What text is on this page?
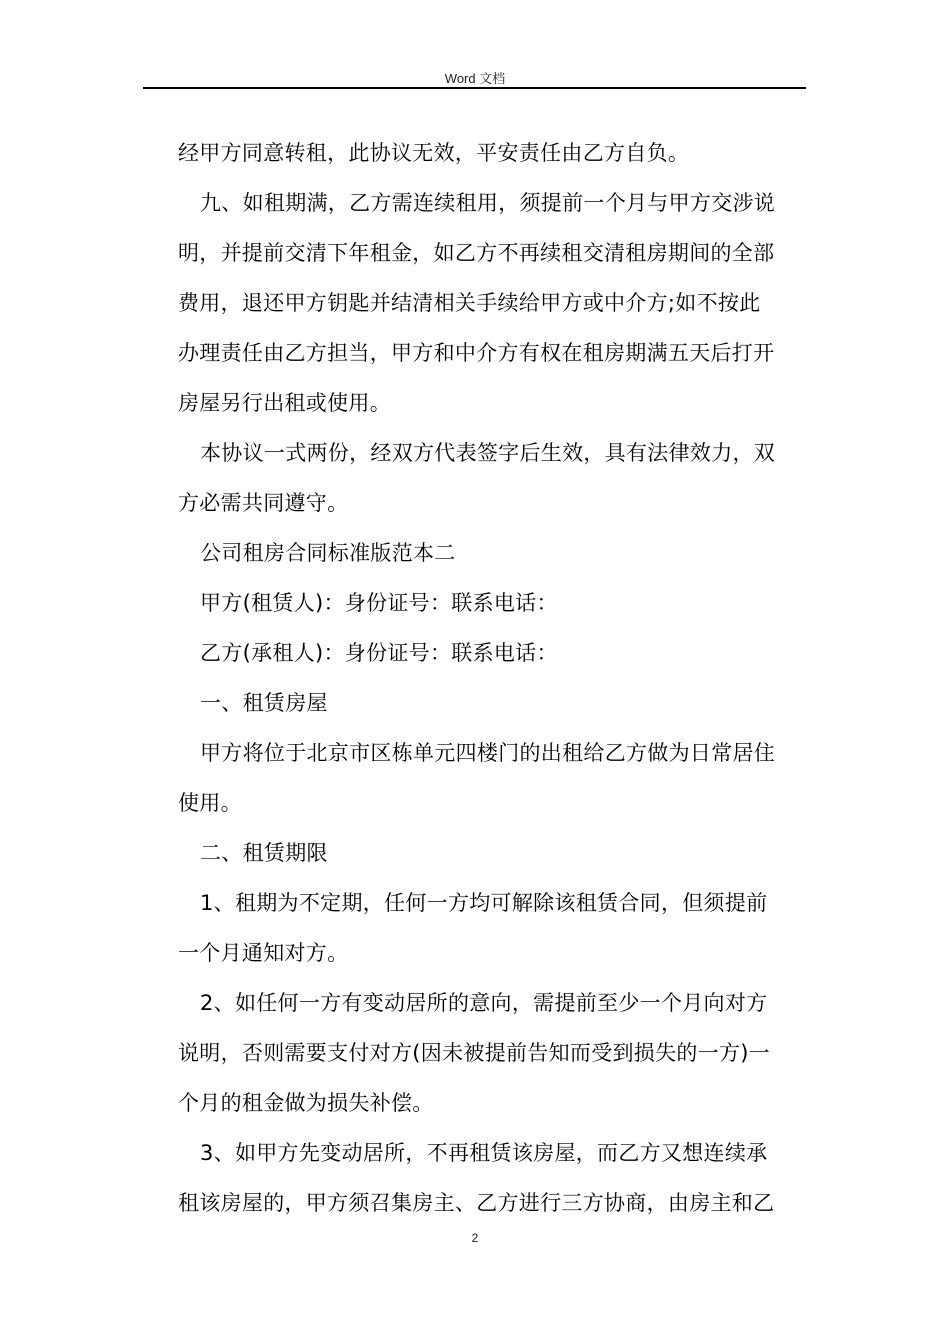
Word 文档
经甲方同意转租，此协议无效，平安责任由乙方自负。
九、如租期满，乙方需连续租用，须提前一个月与甲方交涉说
明，并提前交清下年租金，如乙方不再续租交清租房期间的全部
费用，退还甲方钥匙并结清相关手续给甲方或中介方;如不按此
办理责任由乙方担当，甲方和中介方有权在租房期满五天后打开
房屋另行出租或使用。
本协议一式两份，经双方代表签字后生效，具有法律效力，双
方必需共同遵守。
公司租房合同标准版范本二
甲方(租赁人)：身份证号：联系电话：
乙方(承租人)：身份证号：联系电话：
一、租赁房屋
甲方将位于北京市区栋单元四楼门的出租给乙方做为日常居住
使用。
二、租赁期限
1、租期为不定期，任何一方均可解除该租赁合同，但须提前
一个月通知对方。
2、如任何一方有变动居所的意向，需提前至少一个月向对方
说明，否则需要支付对方(因未被提前告知而受到损失的一方)一
个月的租金做为损失补偿。
3、如甲方先变动居所，不再租赁该房屋，而乙方又想连续承
租该房屋的，甲方须召集房主、乙方进行三方协商，由房主和乙
2
